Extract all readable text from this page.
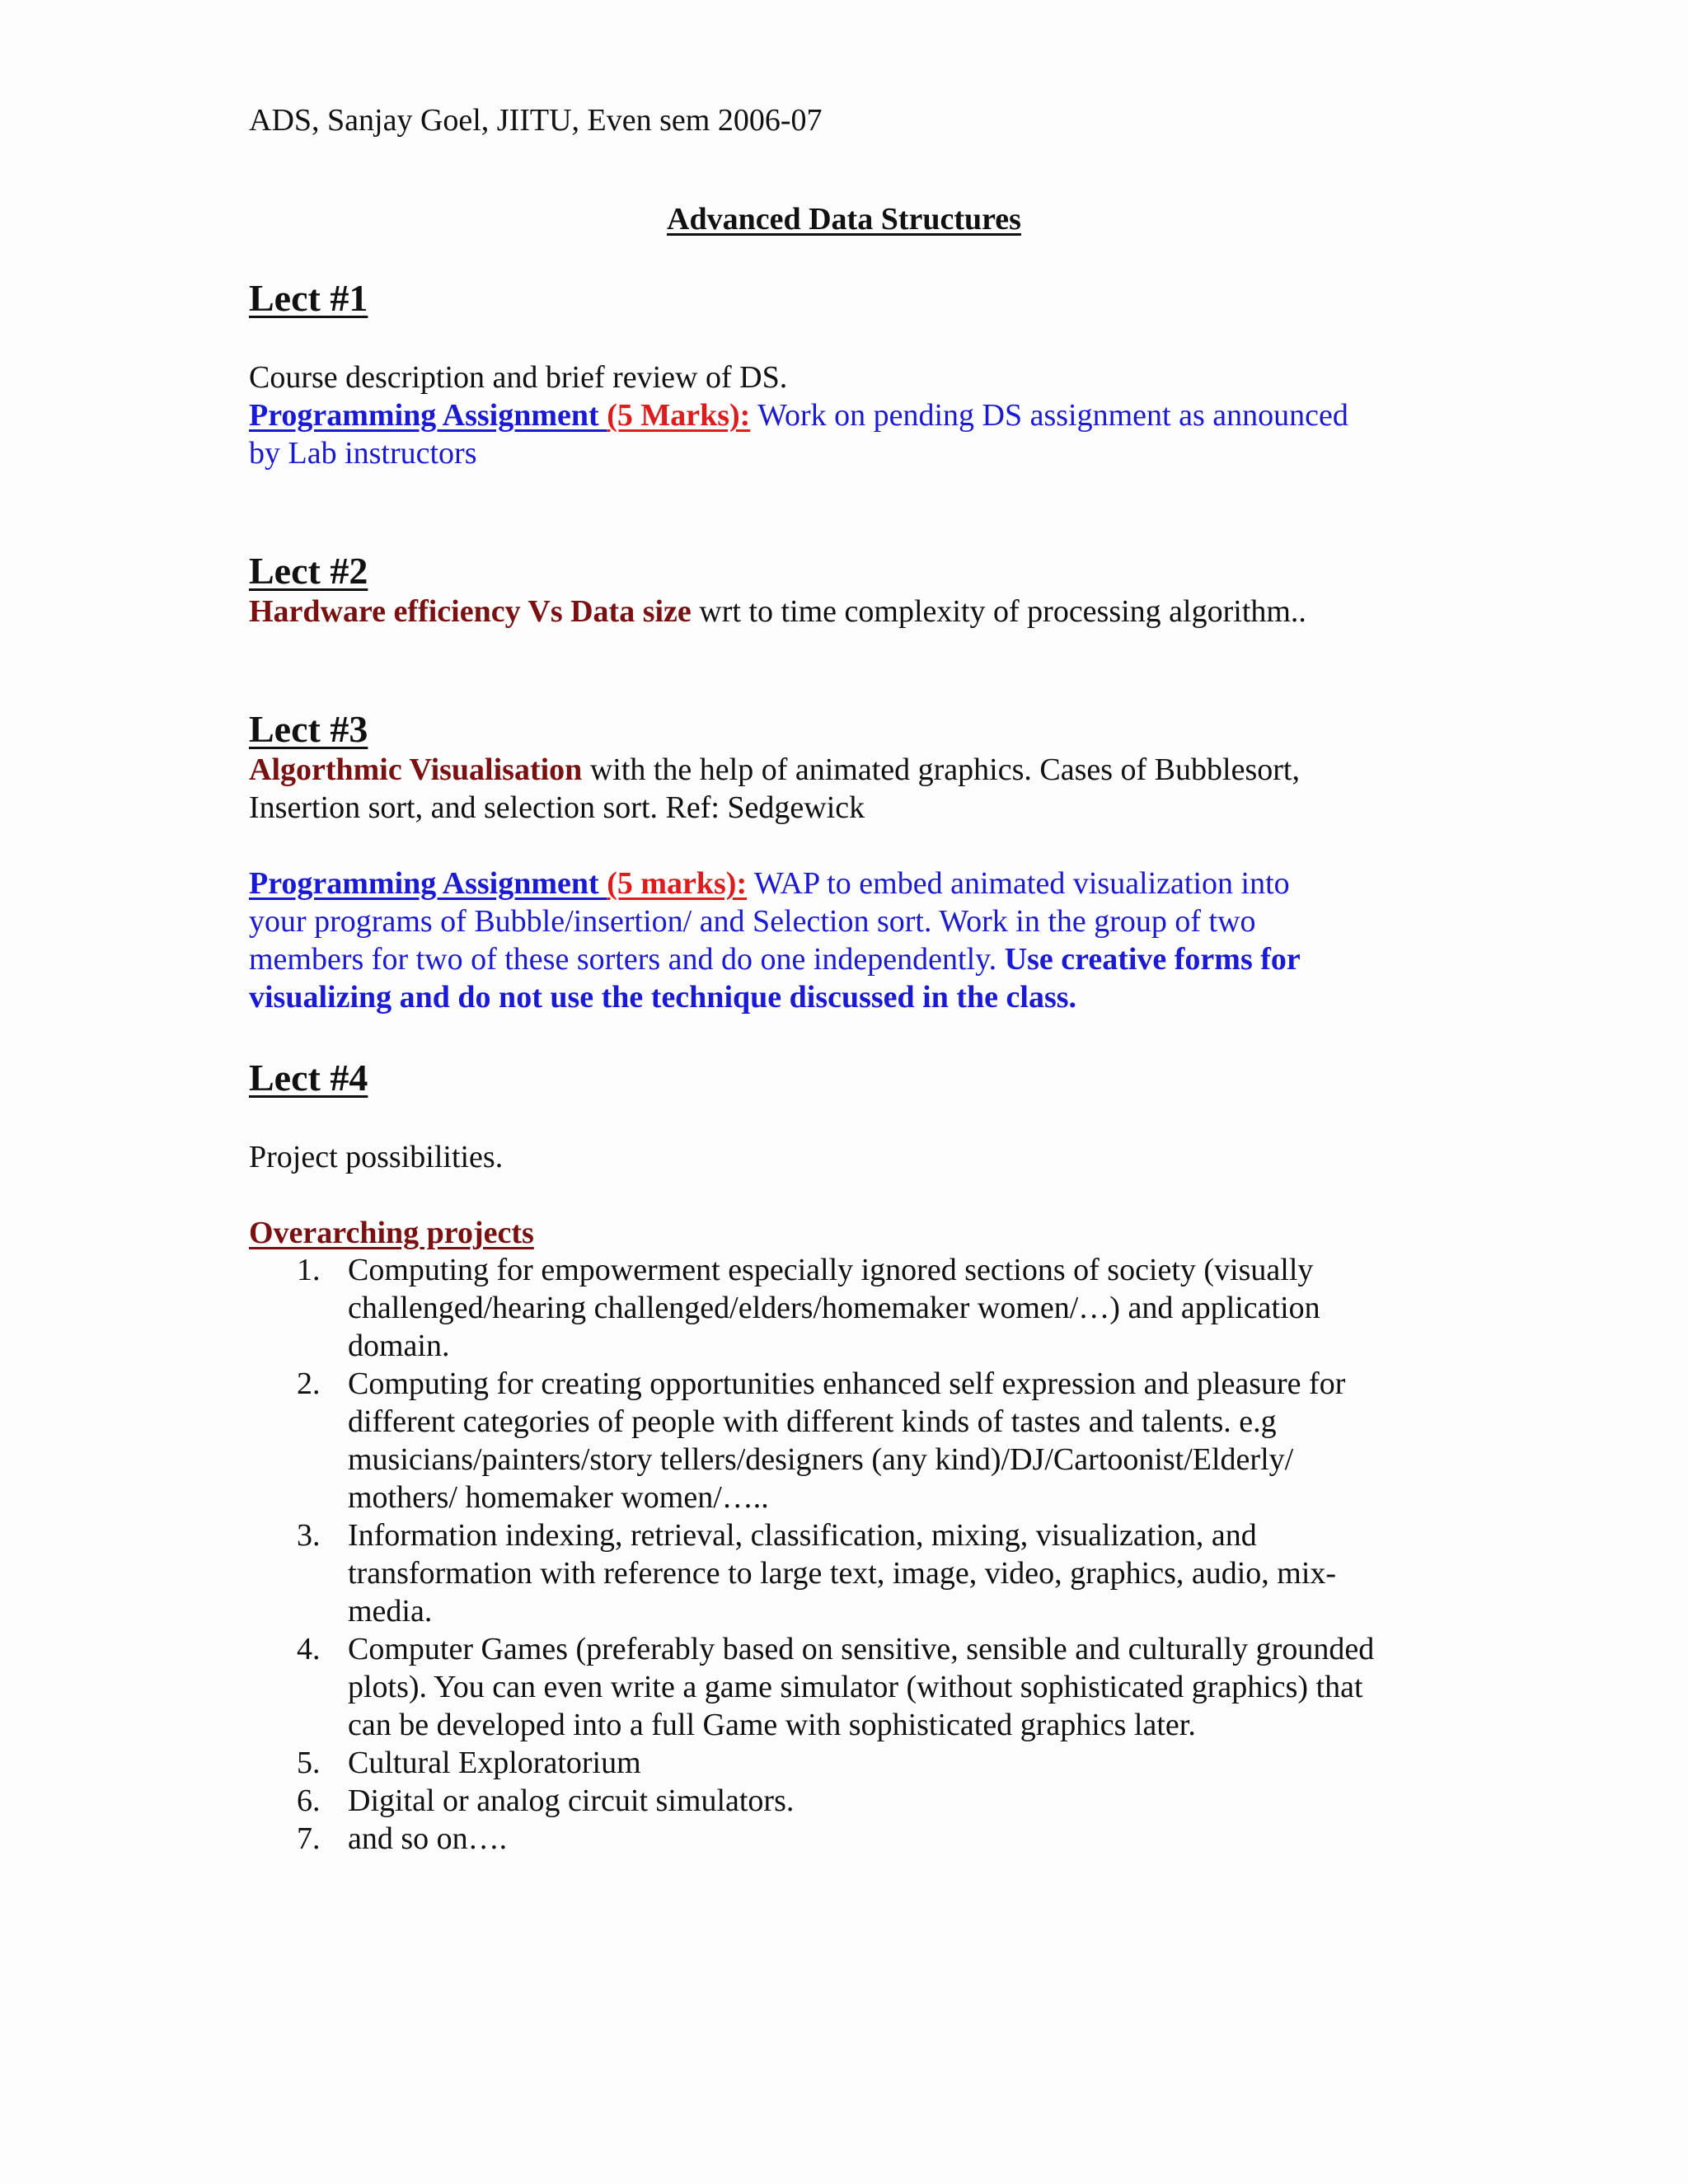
ADS, Sanjay Goel, JIITU, Even sem 2006-07
Advanced Data Structures
Lect #1
Course description and brief review of DS.
Programming Assignment (5 Marks): Work on pending DS assignment as announced
by Lab instructors
Lect #2
Hardware efficiency Vs Data size wrt to time complexity of processing algorithm..
Lect #3
Algorthmic Visualisation with the help of animated graphics. Cases of Bubblesort,
Insertion sort, and selection sort. Ref: Sedgewick
Programming Assignment (5 marks): WAP to embed animated visualization into
your programs of Bubble/insertion/ and Selection sort. Work in the group of two
members for two of these sorters and do one independently. Use creative forms for
visualizing and do not use the technique discussed in the class.
Lect #4
Project possibilities.
Overarching projects
1. Computing for empowerment especially ignored sections of society (visually
challenged/hearing challenged/elders/homemaker women/…) and application
domain.
2. Computing for creating opportunities enhanced self expression and pleasure for
different categories of people with different kinds of tastes and talents. e.g
musicians/painters/story tellers/designers (any kind)/DJ/Cartoonist/Elderly/
mothers/ homemaker women/…..
3. Information indexing, retrieval, classification, mixing, visualization, and
transformation with reference to large text, image, video, graphics, audio, mix-
media.
4. Computer Games (preferably based on sensitive, sensible and culturally grounded
plots). You can even write a game simulator (without sophisticated graphics) that
can be developed into a full Game with sophisticated graphics later.
5. Cultural Exploratorium
6. Digital or analog circuit simulators.
7. and so on….
